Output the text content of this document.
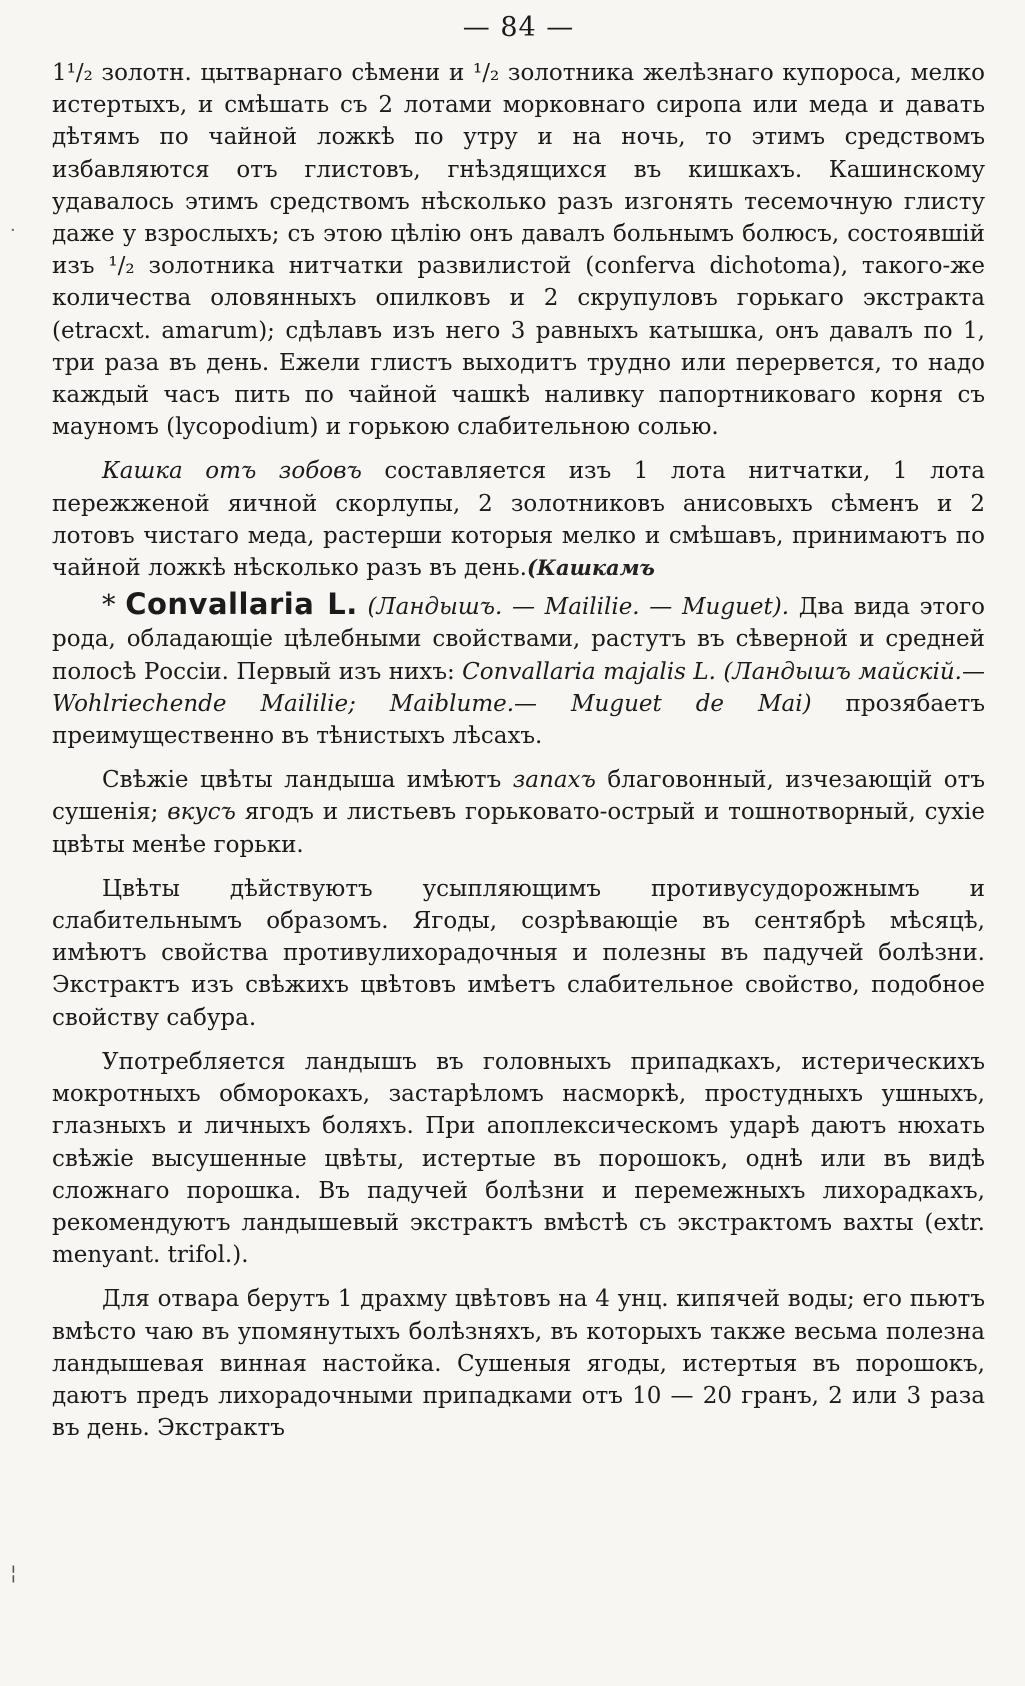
— 84 —

1¹/₂ золотн. цытварнаго сѣмени и ¹/₂ золотника желѣзнаго купороса, мелко истертыхъ, и смѣшать съ 2 лотами морковнаго сиропа или меда и давать дѣтямъ по чайной ложкѣ по утру и на ночь, то этимъ средствомъ избавляются отъ глистовъ, гнѣздящихся въ кишкахъ. Кашинскому удавалось этимъ средствомъ нѣсколько разъ изгонять тесемочную глисту даже у взрослыхъ; съ этою цѣлію онъ давалъ больнымъ болюсъ, состоявшій изъ ¹/₂ золотника нитчатки развилистой (conferva dichotoma), такого-же количества оловянныхъ опилковъ и 2 скрупуловъ горькаго экстракта (etracxt. amarum); сдѣлавъ изъ него 3 равныхъ катышка, онъ давалъ по 1, три раза въ день. Ежели глистъ выходитъ трудно или перервется, то надо каждый часъ пить по чайной чашкѣ наливку папортниковаго корня съ мауномъ (lycopodium) и горькою слабительною солью.

Кашка отъ зобовъ составляется изъ 1 лота нитчатки, 1 лота пережженой яичной скорлупы, 2 золотниковъ анисовыхъ сѣменъ и 2 лотовъ чистаго меда, растерши которыя мелко и смѣшавъ, принимаютъ по чайной ложкѣ нѣсколько разъ въ день.(Кашкамъ

* Convallaria L. (Ландышъ. — Maililie. — Muguet). Два вида этого рода, обладающіе цѣлебными свойствами, растутъ въ сѣверной и средней полосѣ Россіи. Первый изъ нихъ: Convallaria majalis L. (Ландышъ майскій.— Wohlriechende Maililie; Maiblume.— Muguet de Mai) прозябаетъ преимущественно въ тѣнистыхъ лѣсахъ.

Свѣжіе цвѣты ландыша имѣютъ запахъ благовонный, изчезающій отъ сушенія; вкусъ ягодъ и листьевъ горьковато-острый и тошнотворный, сухіе цвѣты менѣе горьки.

Цвѣты дѣйствуютъ усыпляющимъ противусудорожнымъ и слабительнымъ образомъ. Ягоды, созрѣвающіе въ сентябрѣ мѣсяцѣ, имѣютъ свойства противулихорадочныя и полезны въ падучей болѣзни. Экстрактъ изъ свѣжихъ цвѣтовъ имѣетъ слабительное свойство, подобное свойству сабура.

Употребляется ландышъ въ головныхъ припадкахъ, истерическихъ мокротныхъ обморокахъ, застарѣломъ насморкѣ, простудныхъ ушныхъ, глазныхъ и личныхъ боляхъ. При апоплексическомъ ударѣ даютъ нюхать свѣжіе высушенные цвѣты, истертые въ порошокъ, однѣ или въ видѣ сложнаго порошка. Въ падучей болѣзни и перемежныхъ лихорадкахъ, рекомендуютъ ландышевый экстрактъ вмѣстѣ съ экстрактомъ вахты (extr. menyant. trifol.).

Для отвара берутъ 1 драхму цвѣтовъ на 4 унц. кипячей воды; его пьютъ вмѣсто чаю въ упомянутыхъ болѣзняхъ, въ которыхъ также весьма полезна ландышевая винная настойка. Сушеныя ягоды, истертыя въ порошокъ, даютъ предъ лихорадочными припадками отъ 10 — 20 гранъ, 2 или 3 раза въ день. Экстрактъ

·
¦
